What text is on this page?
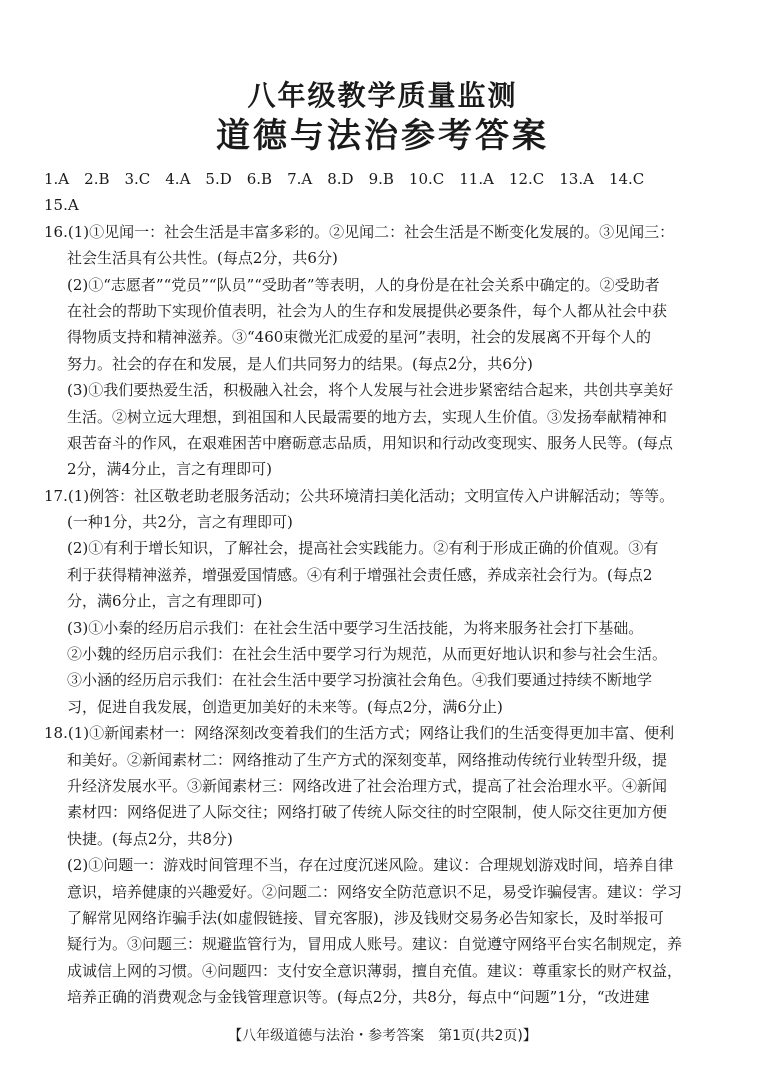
八年级教学质量监测
道德与法治参考答案
1.A　2.B　3.C　4.A　5.D　6.B　7.A　8.D　9.B　10.C　11.A　12.C　13.A　14.C
15.A
16.(1)①见闻一：社会生活是丰富多彩的。②见闻二：社会生活是不断变化发展的。③见闻三：
社会生活具有公共性。(每点2分，共6分)
(2)①“志愿者”“党员”“队员”“受助者”等表明，人的身份是在社会关系中确定的。②受助者
在社会的帮助下实现价值表明，社会为人的生存和发展提供必要条件，每个人都从社会中获
得物质支持和精神滋养。③“460束微光汇成爱的星河”表明，社会的发展离不开每个人的
努力。社会的存在和发展，是人们共同努力的结果。(每点2分，共6分)
(3)①我们要热爱生活，积极融入社会，将个人发展与社会进步紧密结合起来，共创共享美好
生活。②树立远大理想，到祖国和人民最需要的地方去，实现人生价值。③发扬奉献精神和
艰苦奋斗的作风，在艰难困苦中磨砺意志品质，用知识和行动改变现实、服务人民等。(每点
2分，满4分止，言之有理即可)
17.(1)例答：社区敬老助老服务活动；公共环境清扫美化活动；文明宣传入户讲解活动；等等。
(一种1分，共2分，言之有理即可)
(2)①有利于增长知识，了解社会，提高社会实践能力。②有利于形成正确的价值观。③有
利于获得精神滋养，增强爱国情感。④有利于增强社会责任感，养成亲社会行为。(每点2
分，满6分止，言之有理即可)
(3)①小秦的经历启示我们：在社会生活中要学习生活技能，为将来服务社会打下基础。
②小魏的经历启示我们：在社会生活中要学习行为规范，从而更好地认识和参与社会生活。
③小涵的经历启示我们：在社会生活中要学习扮演社会角色。④我们要通过持续不断地学
习，促进自我发展，创造更加美好的未来等。(每点2分，满6分止)
18.(1)①新闻素材一：网络深刻改变着我们的生活方式；网络让我们的生活变得更加丰富、便利
和美好。②新闻素材二：网络推动了生产方式的深刻变革，网络推动传统行业转型升级，提
升经济发展水平。③新闻素材三：网络改进了社会治理方式，提高了社会治理水平。④新闻
素材四：网络促进了人际交往；网络打破了传统人际交往的时空限制，使人际交往更加方便
快捷。(每点2分，共8分)
(2)①问题一：游戏时间管理不当，存在过度沉迷风险。建议：合理规划游戏时间，培养自律
意识，培养健康的兴趣爱好。②问题二：网络安全防范意识不足，易受诈骗侵害。建议：学习
了解常见网络诈骗手法(如虚假链接、冒充客服)，涉及钱财交易务必告知家长，及时举报可
疑行为。③问题三：规避监管行为，冒用成人账号。建议：自觉遵守网络平台实名制规定，养
成诚信上网的习惯。④问题四：支付安全意识薄弱，擅自充值。建议：尊重家长的财产权益，
培养正确的消费观念与金钱管理意识等。(每点2分，共8分，每点中“问题”1分，“改进建
【八年级道德与法治・参考答案　第1页(共2页)】
